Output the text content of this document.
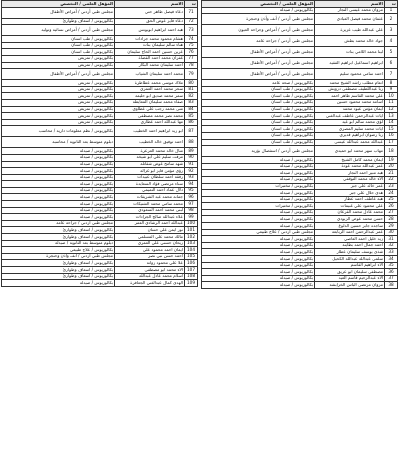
ت	الاسم	المؤهل العلمي / التخصص
1	مروان محمد عيسى النجار	بكالوريوس / صيدلة
2	عثمان محمد فيصل العبادي	مجلس طبي أردني / أنف وأذن وحنجرة
3	علي عبدالله طيب عزيزة	مجلس طبي أردني / أمراض وجراحة العيون
4	جواد خالد محمد بطش	مجلس طبي أردني / جراحة عامة
5	لينا محمد اللامي بنات	مجلس طبي أردني / أمراض الأطفال
6	ابراهيم اسماعيل ابراهيم الفقيه	مجلس طبي أردني / أمراض الأطفال
7	احمد سامي محمود سليم	مجلس طبي أردني / أمراض الأطفال
8	انعام مطلب راشد الشيخ محمد	بكالوريوس / صحة عامة
9	ربا عبداللطيف مصطفى درويش	بكالوريوس / طب اسنان
10	علي محمد القاسم طاهر احمد	بكالوريوس / طب اسنان
11	أسامة محمد محمود حسين	بكالوريوس / طب اسنان
12	ايمان مؤمن عبود محمد	بكالوريوس / طب اسنان
13	ايات عبدالرحمن عاطف عبدالغني	بكالوريوس / طب اسنان
14	لؤي محمد سالم ابو عيد	بكالوريوس / طب اسنان
15	ايات محمد سليم المصري	بكالوريوس / طب اسنان
16	ربا رضوان ابراهيم قديري	بكالوريوس / طب اسنان
17	عبدالله محمد عبدالله عيسى	بكالوريوس / طب اسنان
18	مهاب سهر محمد ابو حميدي	مجلس طبي أردني / استئصال بؤرية
19	ايمان محمد كامل الشيخ	بكالوريوس / صيدلة
20	عمر عبدالله محمد عودة	بكالوريوس / صيدلة
21	هبه منير احمد النجار	بكالوريوس / صيدلة
22	الاء خالد محمد التوقفي	بكالوريوس / صيدلة
23	عمر خالد علي جبر	بكالوريوس / مختبرات
24	هدى حلال علي جبر	بكالوريوس / صيدلة
25	هبه عاطف احمد عطار	بكالوريوس / صيدلة
26	علي محمود علي غنيمات	بكالوريوس / مختبرات
27	محمد عادل محمد القرعان	بكالوريوس / صيدلة
28	حسن محمد عوض الزيودي	بكالوريوس / صيدلة
29	ساجده جابر حسين الدلوع	بكالوريوس / صيدلة
30	عمر عبدالرحمن احمد الربابعة	مجلس طبي أردني / علاج طبيعي
31	زيد خليل احمد العاصي	بكالوريوس / صيدلة
32	احمد جمال احمد بطاينة	بكالوريوس / صيدلة
33	شذى يوسف سليمان عطار	بكالوريوس / صيدلة
34	سلمى عبدالله عبدالله الكحيل	بكالوريوس / صيدلة
35	الاء ابراهيم القاسم	بكالوريوس / صيدلة
36	مصطفى سليمان ابو عريق	بكالوريوس / صيدلة
37	الاء عبدالرحيم قاسم العيد	بكالوريوس / صيدلة
38	مروان مرتضى الباس الخرابشة	بكالوريوس / صيدلة
ت	الاسم	المؤهل العلمي / التخصص
71	دعاء فيصل طاهر حتي	مجلس طبي أردني / أمراض الأطفال
72	دعاء فايز عوض الحق	بكالوريوس / اسعاف وطوارئ
73	هبه احمد ابراهيم ابويونس	مجلس طبي أردني / أمراض نسائية وتوليد
74	هشام محمود محمد جرادات	بكالوريوس / طب اسنان
75	هناء سالم سليمان بنات	بكالوريوس / طب اسنان
76	عرين حسين احمد الحاج سليمان	بكالوريوس / طب اسنان
77	غفران محمد احمد القضاة	بكالوريوس / تمريض
78	احمد سليمان محمد البكار	بكالوريوس / تمريض
79	محمد احمد سليمان الشياب	مجلس طبي أردني / أمراض الأطفال
80	ملاك موسى محمد عطاطرة	بكالوريوس / تمريض
81	سحر محمد احمد العمري	بكالوريوس / تمريض
82	سمر محمد صديق ابو حليمة	بكالوريوس / تمريض
83	صفاء محمد سليمان المعايطة	بكالوريوس / تمريض
84	منى محمد رجب علي عطاوي	بكالوريوس / تمريض
85	محمد نصر محمد مصطفى	بكالوريوس / تمريض
86	مها عبدالله احمد عطاري	بكالوريوس / تمريض
87	ابو زيد ابراهيم احمد الخطيب	بكالوريوس / نظم معلومات دارية / محاسب
88	احمد توفيق خالد الخطيب	دبلوم متوسط بعد الثانوية / محاسبة
89	منال خالد محمد العرعرة	بكالوريوس / صيدلة
90	مرفت سليم علي ابو شيخة	بكالوريوس / صيدلة
91	شهد سامح عوض شقاتلة	بكالوريوس / صيدلة
92	رؤى مؤمن فايز ابو غزالة	بكالوريوس / صيدلة
93	رفقة احمد سلطان عبيدات	بكالوريوس / صيدلة
94	سناء مرتضى فؤاد السعايدة	بكالوريوس / صيدلة
95	دلال عماد احمد التميمي	بكالوريوس / صيدلة
96	جمانه محمد عبد الشريقات	بكالوريوس / صيدلة
97	محمد سامي محمد الشنيكات	بكالوريوس / صيدلة
98	لبنى محمد احمد السعودي	بكالوريوس / صيدلة
99	علاء عبدالله صالح الجرادات	بكالوريوس / صيدلة
100	عبدالله احمد الرشادي العمر	مجلس طبي أردني / جراحة عامة
101	نور ايمن علي حسان	بكالوريوس / اسعاف وطوارئ
102	مالك محمد علي المسلمي	بكالوريوس / اسعاف وطوارئ
103	ريحان حسني علي العمري	دبلوم متوسط بعد الثانوية / صيدلة
104	ايمان احمد محمود علي	بكالوريوس / علاج طبيعي
105	احمد حسن نبي نصر	مجلس طبي أردني / أنف وأذن وحنجرة
106	علا علي محمود زوانة	بكالوريوس / اسعاف وطوارئ
107	الاء محمد ابو مصطفى	بكالوريوس / اسعاف وطوارئ
108	اسلام محمد عادل عبدالله	بكالوريوس / اسعاف وطوارئ
109	الهدى كمال عبدالغني الجعافرة	بكالوريوس / صيدلة
